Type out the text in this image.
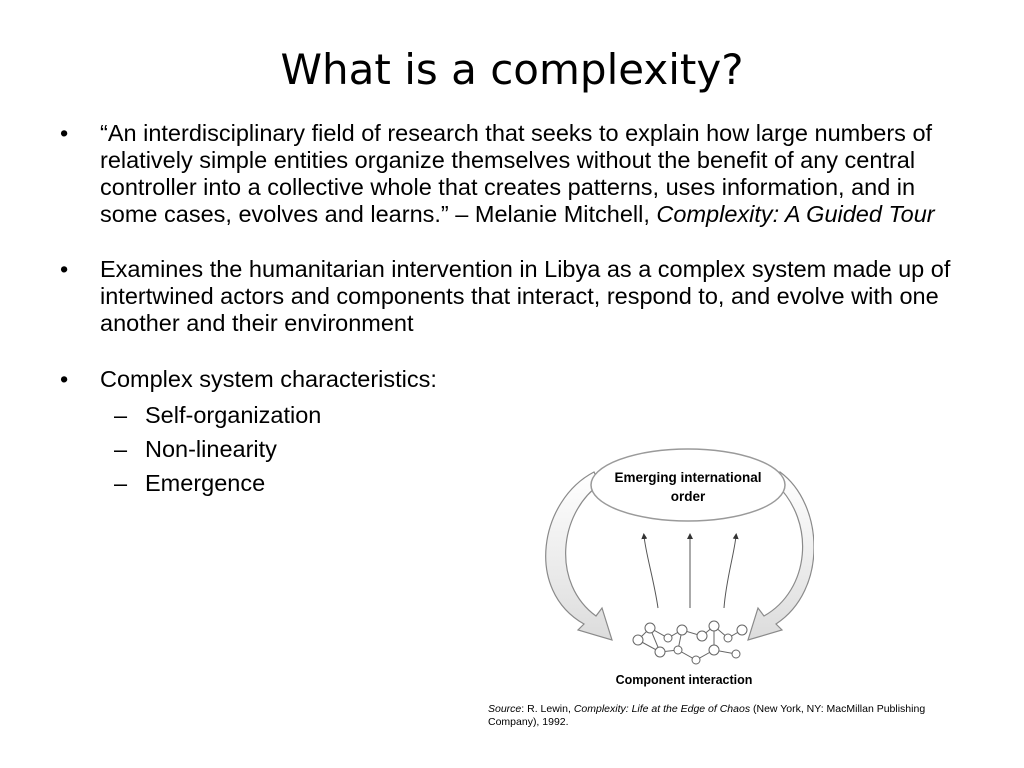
What is a complexity?
•	“An interdisciplinary field of research that seeks to explain how large numbers of relatively simple entities organize themselves without the benefit of any central controller into a collective whole that creates patterns, uses information, and in some cases, evolves and learns.” – Melanie Mitchell, Complexity: A Guided Tour
•	Examines the humanitarian intervention in Libya as a complex system made up of intertwined actors and components that interact, respond to, and evolve with one another and their environment
•	Complex system characteristics:
– Self-organization
– Non-linearity
– Emergence	Emerging international
order
Component interaction
Source: R. Lewin, Complexity: Life at the Edge of Chaos (New York, NY: MacMillan Publishing Company), 1992.
